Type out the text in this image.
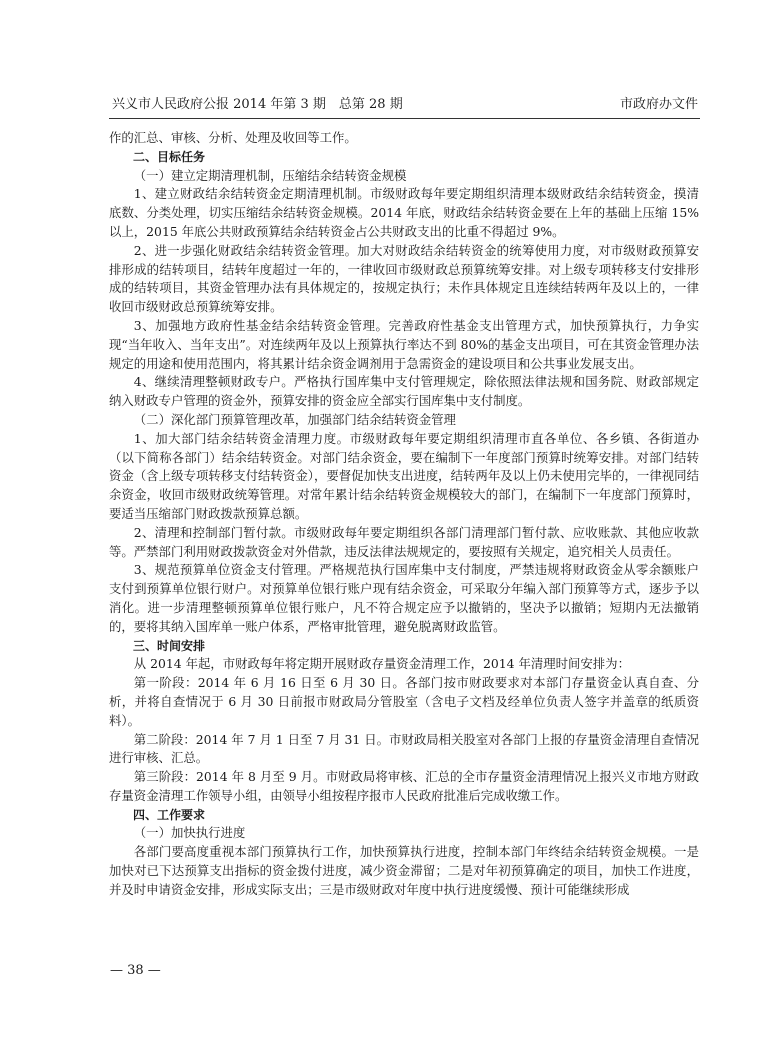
兴义市人民政府公报 2014 年第 3 期　总第 28 期	市政府办文件

作的汇总、审核、分析、处理及收回等工作。

二、目标任务

（一）建立定期清理机制，压缩结余结转资金规模

1、建立财政结余结转资金定期清理机制。市级财政每年要定期组织清理本级财政结余结转资金，摸清底数、分类处理，切实压缩结余结转资金规模。2014 年底，财政结余结转资金要在上年的基础上压缩 15%以上，2015 年底公共财政预算结余结转资金占公共财政支出的比重不得超过 9%。

2、进一步强化财政结余结转资金管理。加大对财政结余结转资金的统筹使用力度，对市级财政预算安排形成的结转项目，结转年度超过一年的，一律收回市级财政总预算统筹安排。对上级专项转移支付安排形成的结转项目，其资金管理办法有具体规定的，按规定执行；未作具体规定且连续结转两年及以上的，一律收回市级财政总预算统筹安排。

3、加强地方政府性基金结余结转资金管理。完善政府性基金支出管理方式，加快预算执行，力争实现“当年收入、当年支出”。对连续两年及以上预算执行率达不到 80%的基金支出项目，可在其资金管理办法规定的用途和使用范围内，将其累计结余资金调剂用于急需资金的建设项目和公共事业发展支出。

4、继续清理整顿财政专户。严格执行国库集中支付管理规定，除依照法律法规和国务院、财政部规定纳入财政专户管理的资金外，预算安排的资金应全部实行国库集中支付制度。

（二）深化部门预算管理改革，加强部门结余结转资金管理

1、加大部门结余结转资金清理力度。市级财政每年要定期组织清理市直各单位、各乡镇、各街道办（以下简称各部门）结余结转资金。对部门结余资金，要在编制下一年度部门预算时统筹安排。对部门结转资金（含上级专项转移支付结转资金），要督促加快支出进度，结转两年及以上仍未使用完毕的，一律视同结余资金，收回市级财政统筹管理。对常年累计结余结转资金规模较大的部门，在编制下一年度部门预算时，要适当压缩部门财政拨款预算总额。

2、清理和控制部门暂付款。市级财政每年要定期组织各部门清理部门暂付款、应收账款、其他应收款等。严禁部门利用财政拨款资金对外借款，违反法律法规规定的，要按照有关规定，追究相关人员责任。

3、规范预算单位资金支付管理。严格规范执行国库集中支付制度，严禁违规将财政资金从零余额账户支付到预算单位银行财户。对预算单位银行账户现有结余资金，可采取分年编入部门预算等方式，逐步予以消化。进一步清理整顿预算单位银行账户，凡不符合规定应予以撤销的，坚决予以撤销；短期内无法撤销的，要将其纳入国库单一账户体系，严格审批管理，避免脱离财政监管。

三、时间安排

从 2014 年起，市财政每年将定期开展财政存量资金清理工作，2014 年清理时间安排为：

第一阶段：2014 年 6 月 16 日至 6 月 30 日。各部门按市财政要求对本部门存量资金认真自查、分析，并将自查情况于 6 月 30 日前报市财政局分管股室（含电子文档及经单位负责人签字并盖章的纸质资料）。

第二阶段：2014 年 7 月 1 日至 7 月 31 日。市财政局相关股室对各部门上报的存量资金清理自查情况进行审核、汇总。

第三阶段：2014 年 8 月至 9 月。市财政局将审核、汇总的全市存量资金清理情况上报兴义市地方财政存量资金清理工作领导小组，由领导小组按程序报市人民政府批准后完成收缴工作。

四、工作要求

（一）加快执行进度

各部门要高度重视本部门预算执行工作，加快预算执行进度，控制本部门年终结余结转资金规模。一是加快对已下达预算支出指标的资金拨付进度，减少资金滞留；二是对年初预算确定的项目，加快工作进度，并及时申请资金安排，形成实际支出；三是市级财政对年度中执行进度缓慢、预计可能继续形成

— 38 —
